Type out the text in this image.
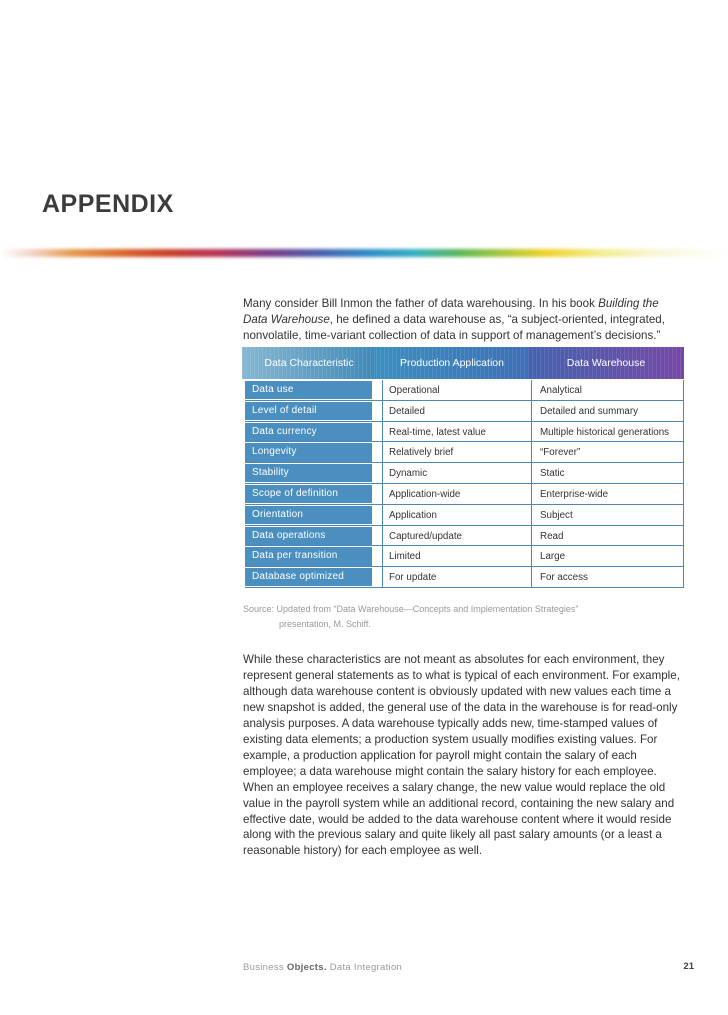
APPENDIX

Many consider Bill Inmon the father of data warehousing. In his book Building the Data Warehouse, he defined a data warehouse as, “a subject-oriented, integrated, nonvolatile, time-variant collection of data in support of management’s decisions.”

Data Characteristic	Production Application	Data Warehouse
Data use	Operational	Analytical
Level of detail	Detailed	Detailed and summary
Data currency	Real-time, latest value	Multiple historical generations
Longevity	Relatively brief	“Forever”
Stability	Dynamic	Static
Scope of definition	Application-wide	Enterprise-wide
Orientation	Application	Subject
Data operations	Captured/update	Read
Data per transition	Limited	Large
Database optimized	For update	For access

Source: Updated from “Data Warehouse—Concepts and Implementation Strategies”
presentation, M. Schiff.

While these characteristics are not meant as absolutes for each environment, they represent general statements as to what is typical of each environment. For example, although data warehouse content is obviously updated with new values each time a new snapshot is added, the general use of the data in the warehouse is for read-only analysis purposes. A data warehouse typically adds new, time-stamped values of existing data elements; a production system usually modifies existing values. For example, a production application for payroll might contain the salary of each employee; a data warehouse might contain the salary history for each employee. When an employee receives a salary change, the new value would replace the old value in the payroll system while an additional record, containing the new salary and effective date, would be added to the data warehouse content where it would reside along with the previous salary and quite likely all past salary amounts (or a least a reasonable history) for each employee as well.

Business Objects. Data Integration	21
